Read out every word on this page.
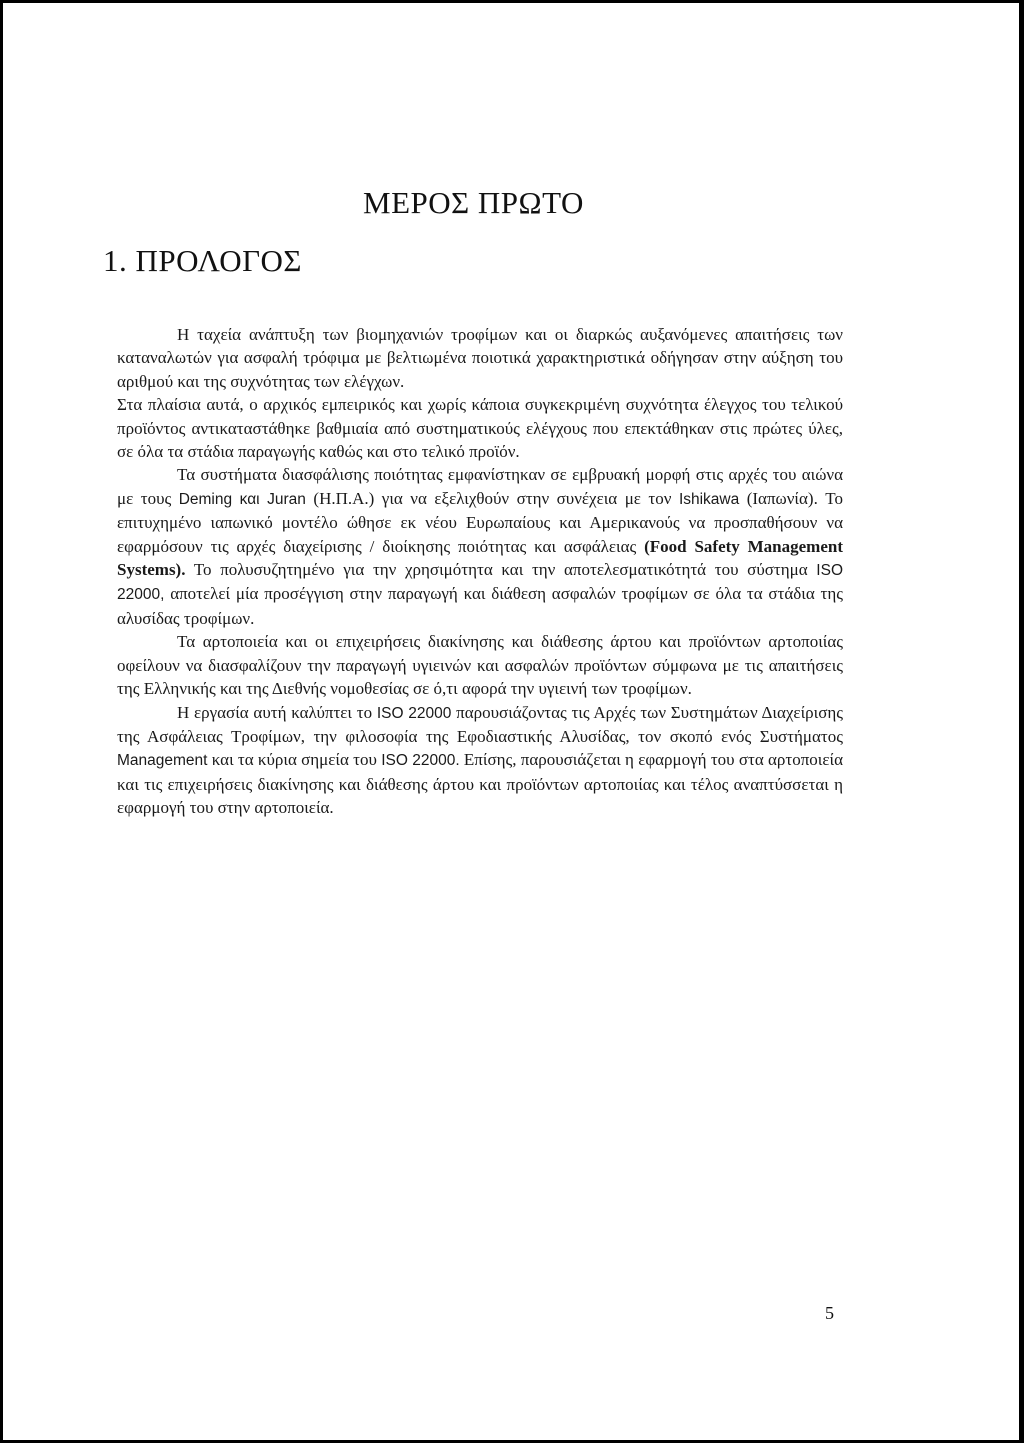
ΜΕΡΟΣ ΠΡΩΤΟ
1. ΠΡΟΛΟΓΟΣ

Η ταχεία ανάπτυξη των βιομηχανιών τροφίμων και οι διαρκώς αυξανόμενες απαιτήσεις των καταναλωτών για ασφαλή τρόφιμα με βελτιωμένα ποιοτικά χαρακτηριστικά οδήγησαν στην αύξηση του αριθμού και της συχνότητας των ελέγχων.
Στα πλαίσια αυτά, ο αρχικός εμπειρικός και χωρίς κάποια συγκεκριμένη συχνότητα έλεγχος του τελικού προϊόντος αντικαταστάθηκε βαθμιαία από συστηματικούς ελέγχους που επεκτάθηκαν στις πρώτες ύλες, σε όλα τα στάδια παραγωγής καθώς και στο τελικό προϊόν.

Τα συστήματα διασφάλισης ποιότητας εμφανίστηκαν σε εμβρυακή μορφή στις αρχές του αιώνα με τους Deming και Juran (Η.Π.Α.) για να εξελιχθούν στην συνέχεια με τον Ishikawa (Ιαπωνία). Το επιτυχημένο ιαπωνικό μοντέλο ώθησε εκ νέου Ευρωπαίους και Αμερικανούς να προσπαθήσουν να εφαρμόσουν τις αρχές διαχείρισης / διοίκησης ποιότητας και ασφάλειας (Food Safety Management Systems). Το πολυσυζητημένο για την χρησιμότητα και την αποτελεσματικότητά του σύστημα ISO 22000, αποτελεί μία προσέγγιση στην παραγωγή και διάθεση ασφαλών τροφίμων σε όλα τα στάδια της αλυσίδας τροφίμων.

Τα αρτοποιεία και οι επιχειρήσεις διακίνησης και διάθεσης άρτου και προϊόντων αρτοποιίας οφείλουν να διασφαλίζουν την παραγωγή υγιεινών και ασφαλών προϊόντων σύμφωνα με τις απαιτήσεις της Ελληνικής και της Διεθνής νομοθεσίας σε ό,τι αφορά την υγιεινή των τροφίμων.

Η εργασία αυτή καλύπτει το ISO 22000 παρουσιάζοντας τις Αρχές των Συστημάτων Διαχείρισης της Ασφάλειας Τροφίμων, την φιλοσοφία της Εφοδιαστικής Αλυσίδας, τον σκοπό ενός Συστήματος Management και τα κύρια σημεία του ISO 22000. Επίσης, παρουσιάζεται η εφαρμογή του στα αρτοποιεία και τις επιχειρήσεις διακίνησης και διάθεσης άρτου και προϊόντων αρτοποιίας και τέλος αναπτύσσεται η εφαρμογή του στην αρτοποιεία.

5
